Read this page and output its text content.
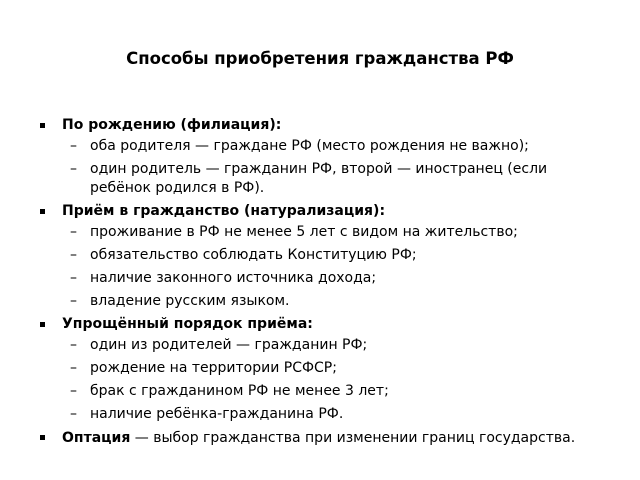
Способы приобретения гражданства РФ
По рождению (филиация):
– оба родителя — граждане РФ (место рождения не важно);
– один родитель — гражданин РФ, второй — иностранец (если ребёнок родился в РФ).
Приём в гражданство (натурализация):
– проживание в РФ не менее 5 лет с видом на жительство;
– обязательство соблюдать Конституцию РФ;
– наличие законного источника дохода;
– владение русским языком.
Упрощённый порядок приёма:
– один из родителей — гражданин РФ;
– рождение на территории РСФСР;
– брак с гражданином РФ не менее 3 лет;
– наличие ребёнка-гражданина РФ.
Оптация — выбор гражданства при изменении границ государства.
